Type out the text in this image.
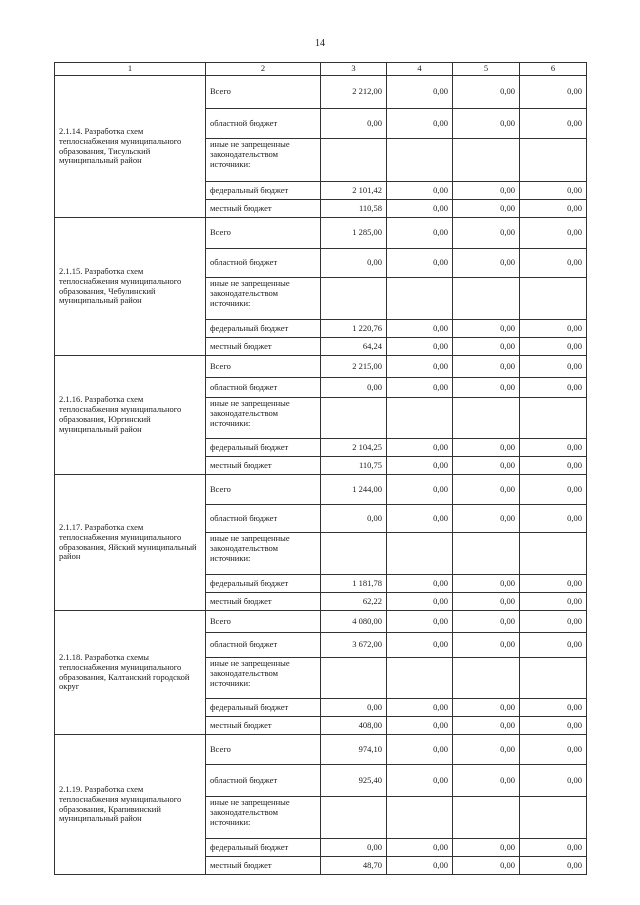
14
1	2	3	4	5	6
2.1.14. Разработка схем теплоснабжения муниципального образования, Тисульский муниципальный район	Всего	2 212,00	0,00	0,00	0,00
	областной бюджет	0,00	0,00	0,00	0,00
	иные не запрещенные законодательством источники:				
	федеральный бюджет	2 101,42	0,00	0,00	0,00
	местный бюджет	110,58	0,00	0,00	0,00
2.1.15. Разработка схем теплоснабжения муниципального образования, Чебулинский муниципальный район	Всего	1 285,00	0,00	0,00	0,00
	областной бюджет	0,00	0,00	0,00	0,00
	иные не запрещенные законодательством источники:				
	федеральный бюджет	1 220,76	0,00	0,00	0,00
	местный бюджет	64,24	0,00	0,00	0,00
2.1.16. Разработка схем теплоснабжения муниципального образования, Юргинский муниципальный район	Всего	2 215,00	0,00	0,00	0,00
	областной бюджет	0,00	0,00	0,00	0,00
	иные не запрещенные законодательством источники:				
	федеральный бюджет	2 104,25	0,00	0,00	0,00
	местный бюджет	110,75	0,00	0,00	0,00
2.1.17. Разработка схем теплоснабжения муниципального образования, Яйский муниципальный район	Всего	1 244,00	0,00	0,00	0,00
	областной бюджет	0,00	0,00	0,00	0,00
	иные не запрещенные законодательством источники:				
	федеральный бюджет	1 181,78	0,00	0,00	0,00
	местный бюджет	62,22	0,00	0,00	0,00
2.1.18. Разработка схемы теплоснабжения муниципального образования, Калтанский городской округ	Всего	4 080,00	0,00	0,00	0,00
	областной бюджет	3 672,00	0,00	0,00	0,00
	иные не запрещенные законодательством источники:				
	федеральный бюджет	0,00	0,00	0,00	0,00
	местный бюджет	408,00	0,00	0,00	0,00
2.1.19. Разработка схем теплоснабжения муниципального образования, Крапивинский муниципальный район	Всего	974,10	0,00	0,00	0,00
	областной бюджет	925,40	0,00	0,00	0,00
	иные не запрещенные законодательством источники:				
	федеральный бюджет	0,00	0,00	0,00	0,00
	местный бюджет	48,70	0,00	0,00	0,00
